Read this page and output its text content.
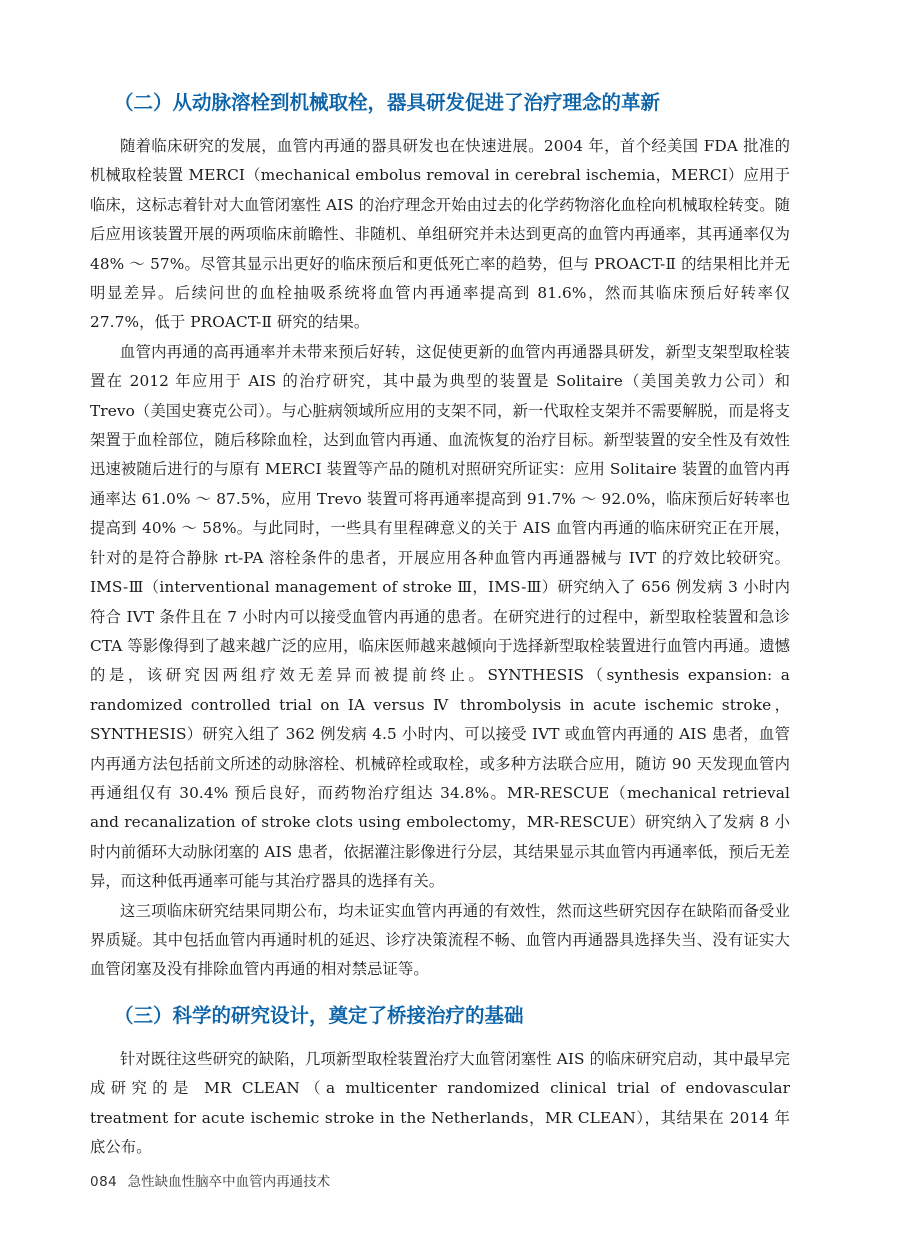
（二）从动脉溶栓到机械取栓，器具研发促进了治疗理念的革新

随着临床研究的发展，血管内再通的器具研发也在快速进展。2004 年，首个经美国 FDA 批准的机械取栓装置 MERCI（mechanical embolus removal in cerebral ischemia，MERCI）应用于临床，这标志着针对大血管闭塞性 AIS 的治疗理念开始由过去的化学药物溶化血栓向机械取栓转变。随后应用该装置开展的两项临床前瞻性、非随机、单组研究并未达到更高的血管内再通率，其再通率仅为 48% ～ 57%。尽管其显示出更好的临床预后和更低死亡率的趋势，但与 PROACT-Ⅱ 的结果相比并无明显差异。后续问世的血栓抽吸系统将血管内再通率提高到 81.6%，然而其临床预后好转率仅 27.7%，低于 PROACT-Ⅱ 研究的结果。

血管内再通的高再通率并未带来预后好转，这促使更新的血管内再通器具研发，新型支架型取栓装置在 2012 年应用于 AIS 的治疗研究，其中最为典型的装置是 Solitaire（美国美敦力公司）和 Trevo（美国史赛克公司）。与心脏病领域所应用的支架不同，新一代取栓支架并不需要解脱，而是将支架置于血栓部位，随后移除血栓，达到血管内再通、血流恢复的治疗目标。新型装置的安全性及有效性迅速被随后进行的与原有 MERCI 装置等产品的随机对照研究所证实：应用 Solitaire 装置的血管内再通率达 61.0% ～ 87.5%，应用 Trevo 装置可将再通率提高到 91.7% ～ 92.0%，临床预后好转率也提高到 40% ～ 58%。与此同时，一些具有里程碑意义的关于 AIS 血管内再通的临床研究正在开展，针对的是符合静脉 rt-PA 溶栓条件的患者，开展应用各种血管内再通器械与 IVT 的疗效比较研究。IMS-Ⅲ（interventional management of stroke Ⅲ，IMS-Ⅲ）研究纳入了 656 例发病 3 小时内符合 IVT 条件且在 7 小时内可以接受血管内再通的患者。在研究进行的过程中，新型取栓装置和急诊 CTA 等影像得到了越来越广泛的应用，临床医师越来越倾向于选择新型取栓装置进行血管内再通。遗憾的是，该研究因两组疗效无差异而被提前终止。SYNTHESIS（synthesis expansion: a randomized controlled trial on IA versus Ⅳ thrombolysis in acute ischemic stroke，SYNTHESIS）研究入组了 362 例发病 4.5 小时内、可以接受 IVT 或血管内再通的 AIS 患者，血管内再通方法包括前文所述的动脉溶栓、机械碎栓或取栓，或多种方法联合应用，随访 90 天发现血管内再通组仅有 30.4% 预后良好，而药物治疗组达 34.8%。MR-RESCUE（mechanical retrieval and recanalization of stroke clots using embolectomy，MR-RESCUE）研究纳入了发病 8 小时内前循环大动脉闭塞的 AIS 患者，依据灌注影像进行分层，其结果显示其血管内再通率低，预后无差异，而这种低再通率可能与其治疗器具的选择有关。

这三项临床研究结果同期公布，均未证实血管内再通的有效性，然而这些研究因存在缺陷而备受业界质疑。其中包括血管内再通时机的延迟、诊疗决策流程不畅、血管内再通器具选择失当、没有证实大血管闭塞及没有排除血管内再通的相对禁忌证等。

（三）科学的研究设计，奠定了桥接治疗的基础

针对既往这些研究的缺陷，几项新型取栓装置治疗大血管闭塞性 AIS 的临床研究启动，其中最早完成研究的是 MR CLEAN（a multicenter randomized clinical trial of endovascular treatment for acute ischemic stroke in the Netherlands，MR CLEAN），其结果在 2014 年底公布。

084 急性缺血性脑卒中血管内再通技术
